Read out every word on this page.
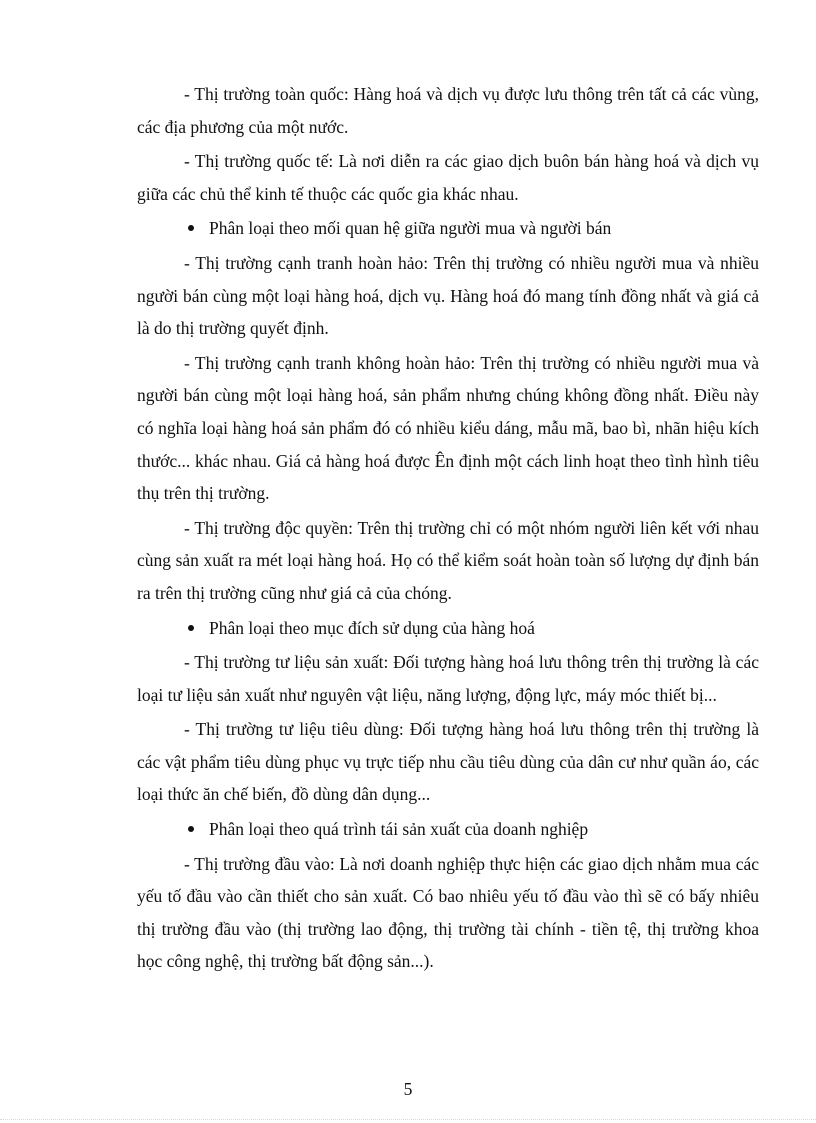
- Thị trường toàn quốc: Hàng hoá và dịch vụ được lưu thông trên tất cả các vùng, các địa phương của một nước.

- Thị trường quốc tế: Là nơi diễn ra các giao dịch buôn bán hàng hoá và dịch vụ giữa các chủ thể kinh tế thuộc các quốc gia khác nhau.

Phân loại theo mối quan hệ giữa người mua và người bán

- Thị trường cạnh tranh hoàn hảo: Trên thị trường có nhiều người mua và nhiều người bán cùng một loại hàng hoá, dịch vụ. Hàng hoá đó mang tính đồng nhất và giá cả là do thị trường quyết định.

- Thị trường cạnh tranh không hoàn hảo: Trên thị trường có nhiều người mua và người bán cùng một loại hàng hoá, sản phẩm nhưng chúng không đồng nhất. Điều này có nghĩa loại hàng hoá sản phẩm đó có nhiều kiểu dáng, mẫu mã, bao bì, nhãn hiệu kích thước... khác nhau. Giá cả hàng hoá được Ên định một cách linh hoạt theo tình hình tiêu thụ trên thị trường.

- Thị trường độc quyền: Trên thị trường chỉ có một nhóm người liên kết với nhau cùng sản xuất ra mét loại hàng hoá. Họ có thể kiểm soát hoàn toàn số lượng dự định bán ra trên thị trường cũng như giá cả của chóng.

Phân loại theo mục đích sử dụng của hàng hoá

- Thị trường tư liệu sản xuất: Đối tượng hàng hoá lưu thông trên thị trường là các loại tư liệu sản xuất như nguyên vật liệu, năng lượng, động lực, máy móc thiết bị...

- Thị trường tư liệu tiêu dùng: Đối tượng hàng hoá lưu thông trên thị trường là các vật phẩm tiêu dùng phục vụ trực tiếp nhu cầu tiêu dùng của dân cư như quần áo, các loại thức ăn chế biến, đồ dùng dân dụng...

Phân loại theo quá trình tái sản xuất của doanh nghiệp

- Thị trường đầu vào: Là nơi doanh nghiệp thực hiện các giao dịch nhằm mua các yếu tố đầu vào cần thiết cho sản xuất. Có bao nhiêu yếu tố đầu vào thì sẽ có bấy nhiêu thị trường đầu vào (thị trường lao động, thị trường tài chính - tiền tệ, thị trường khoa học công nghệ, thị trường bất động sản...).

5
